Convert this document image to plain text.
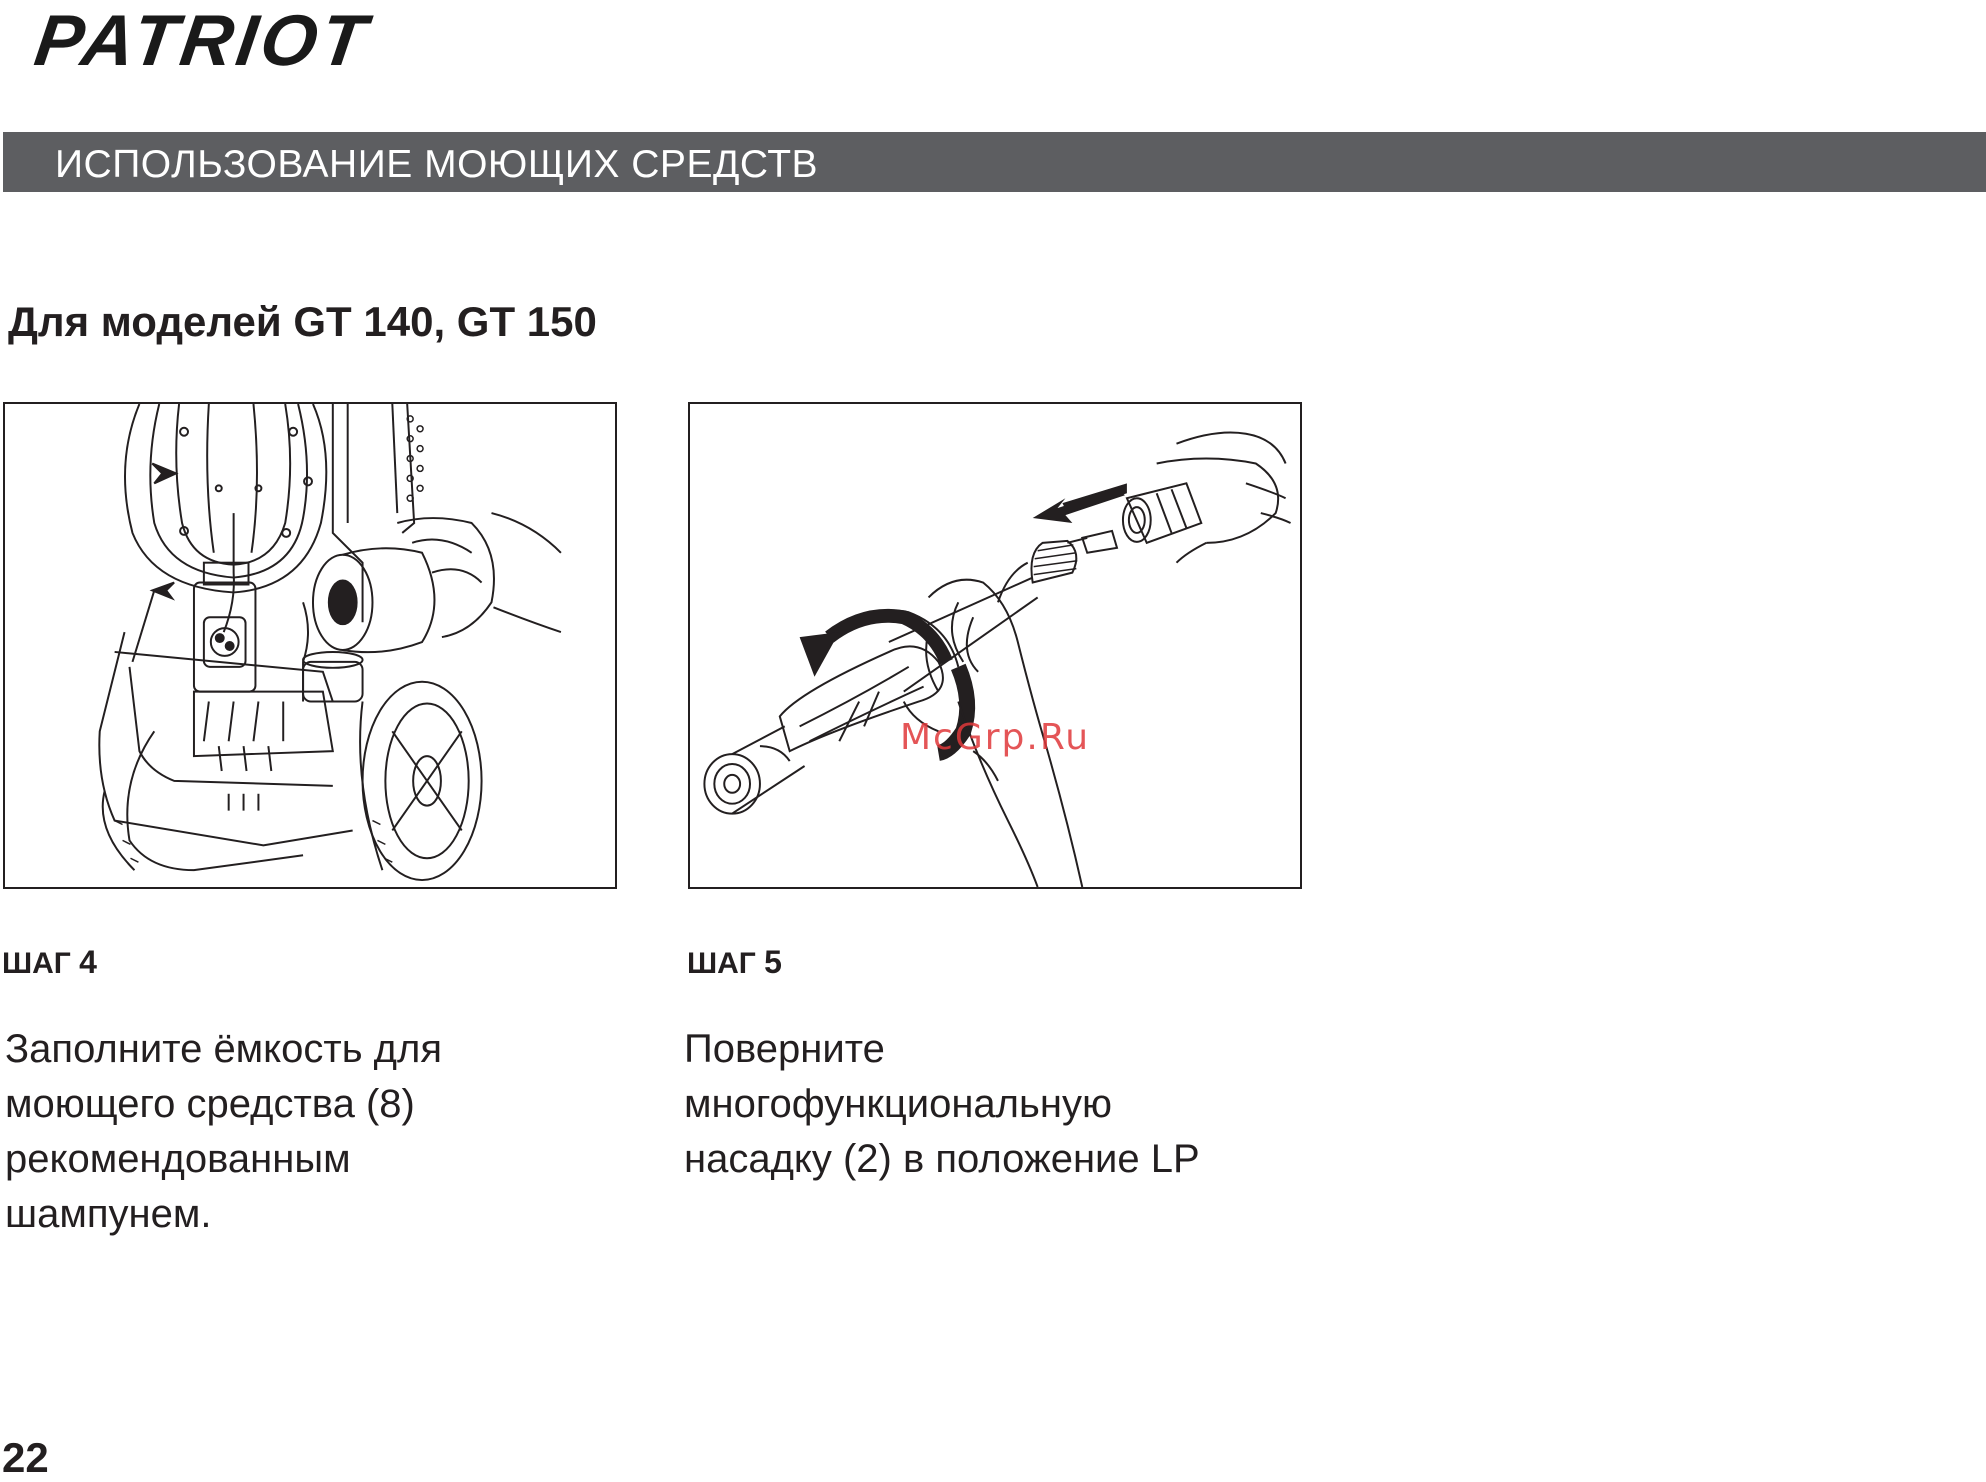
PATRIOT
ИСПОЛЬЗОВАНИЕ МОЮЩИХ СРЕДСТВ
Для моделей GT 140, GT 150
McGrp.Ru
ШАГ 4
Заполните ёмкость для
моющего средства (8)
рекомендованным
шампунем.
ШАГ 5
Поверните
многофункциональную
насадку (2) в положение LP
22
